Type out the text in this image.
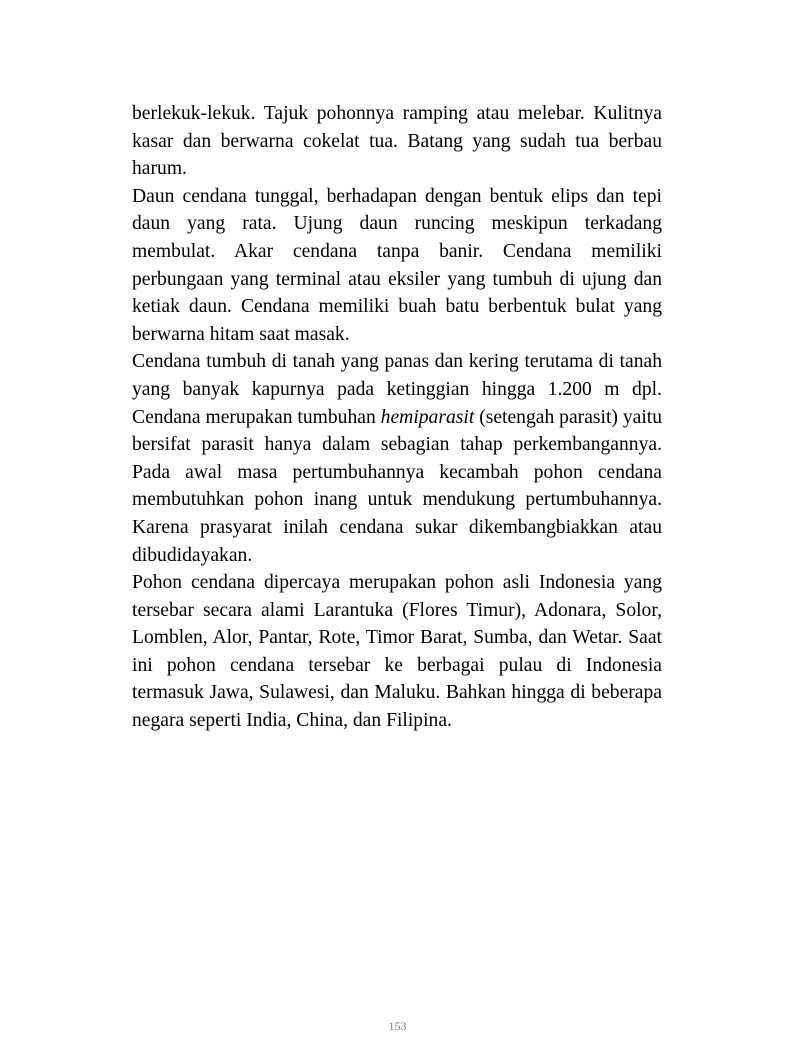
berlekuk-lekuk. Tajuk pohonnya ramping atau melebar. Kulitnya kasar dan berwarna cokelat tua. Batang yang sudah tua berbau harum.

Daun cendana tunggal, berhadapan dengan bentuk elips dan tepi daun yang rata. Ujung daun runcing meskipun terkadang membulat. Akar cendana tanpa banir. Cendana memiliki perbungaan yang terminal atau eksiler yang tumbuh di ujung dan ketiak daun. Cendana memiliki buah batu berbentuk bulat yang berwarna hitam saat masak.

Cendana tumbuh di tanah yang panas dan kering terutama di tanah yang banyak kapurnya pada ketinggian hingga 1.200 m dpl. Cendana merupakan tumbuhan hemiparasit (setengah parasit) yaitu bersifat parasit hanya dalam sebagian tahap perkembangannya. Pada awal masa pertumbuhannya kecambah pohon cendana membutuhkan pohon inang untuk mendukung pertumbuhannya. Karena prasyarat inilah cendana sukar dikembangbiakkan atau dibudidayakan.

Pohon cendana dipercaya merupakan pohon asli Indonesia yang tersebar secara alami Larantuka (Flores Timur), Adonara, Solor, Lomblen, Alor, Pantar, Rote, Timor Barat, Sumba, dan Wetar. Saat ini pohon cendana tersebar ke berbagai pulau di Indonesia termasuk Jawa, Sulawesi, dan Maluku. Bahkan hingga di beberapa negara seperti India, China, dan Filipina.

153
